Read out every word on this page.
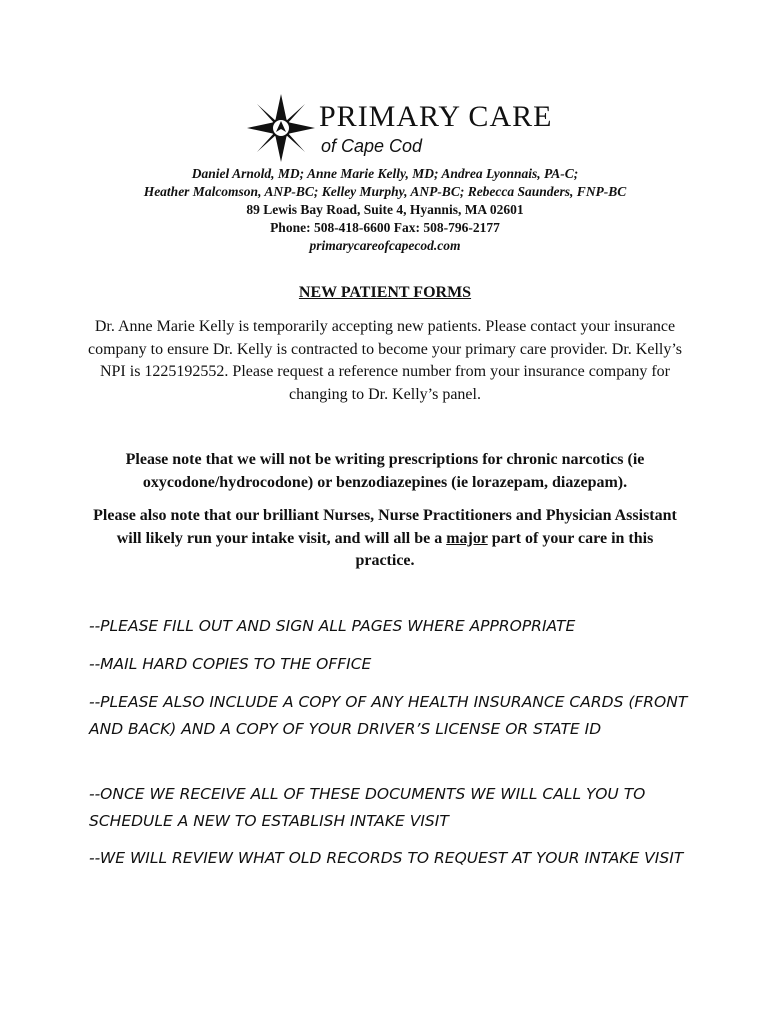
PRIMARY CARE
of Cape Cod
Daniel Arnold, MD; Anne Marie Kelly, MD; Andrea Lyonnais, PA-C;
Heather Malcomson, ANP-BC; Kelley Murphy, ANP-BC; Rebecca Saunders, FNP-BC
89 Lewis Bay Road, Suite 4, Hyannis, MA 02601
Phone: 508-418-6600 Fax: 508-796-2177
primarycareofcapecod.com
NEW PATIENT FORMS
Dr. Anne Marie Kelly is temporarily accepting new patients. Please contact your insurance company to ensure Dr. Kelly is contracted to become your primary care provider. Dr. Kelly’s NPI is 1225192552. Please request a reference number from your insurance company for changing to Dr. Kelly’s panel.
Please note that we will not be writing prescriptions for chronic narcotics (ie oxycodone/hydrocodone) or benzodiazepines (ie lorazepam, diazepam).
Please also note that our brilliant Nurses, Nurse Practitioners and Physician Assistant will likely run your intake visit, and will all be a major part of your care in this practice.
--PLEASE FILL OUT AND SIGN ALL PAGES WHERE APPROPRIATE
--MAIL HARD COPIES TO THE OFFICE
--PLEASE ALSO INCLUDE A COPY OF ANY HEALTH INSURANCE CARDS (FRONT AND BACK) AND A COPY OF YOUR DRIVER’S LICENSE OR STATE ID
--ONCE WE RECEIVE ALL OF THESE DOCUMENTS WE WILL CALL YOU TO SCHEDULE A NEW TO ESTABLISH INTAKE VISIT
--WE WILL REVIEW WHAT OLD RECORDS TO REQUEST AT YOUR INTAKE VISIT
